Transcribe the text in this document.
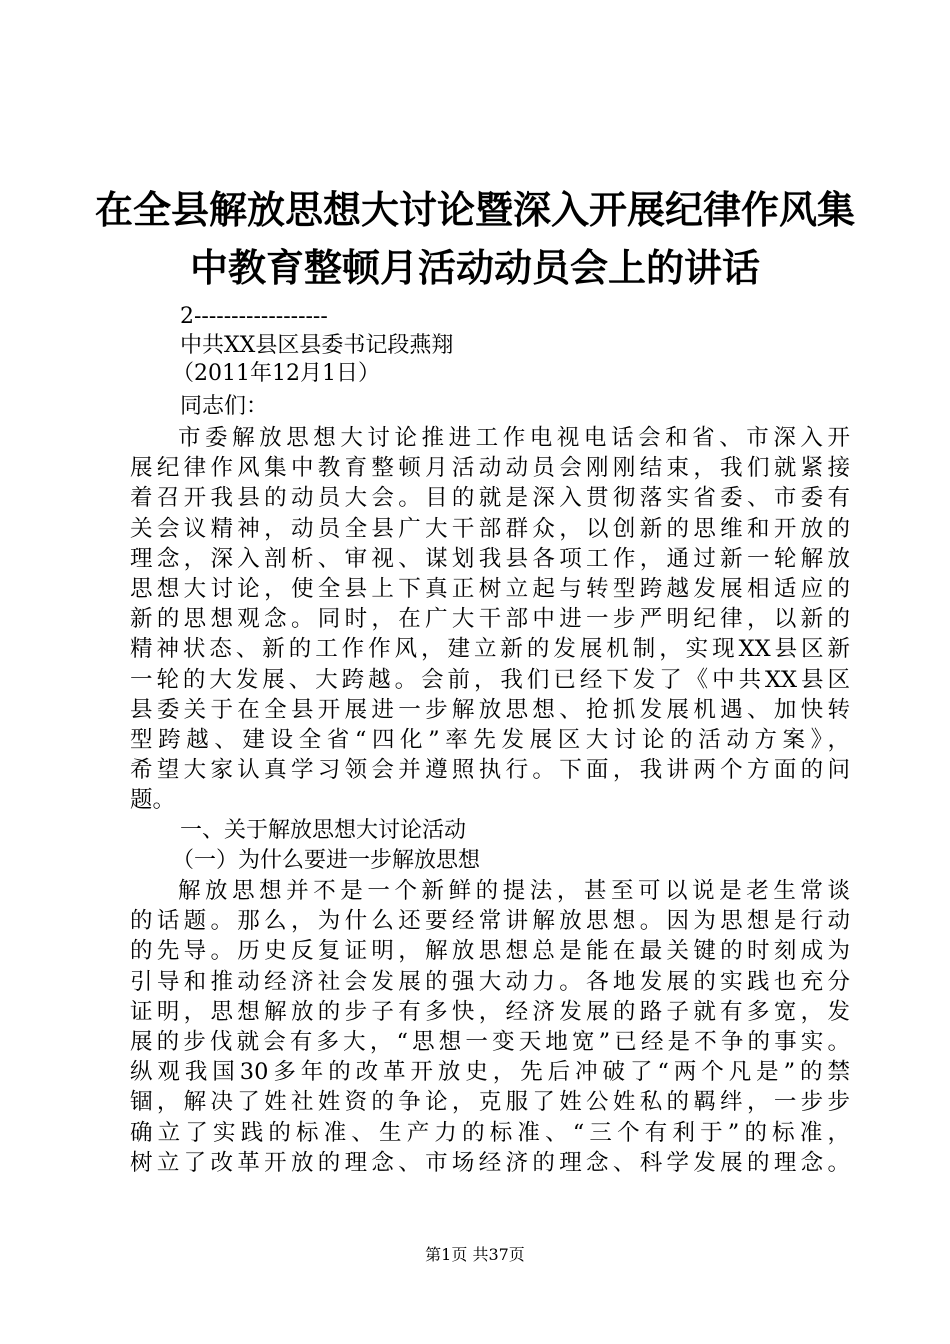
在全县解放思想大讨论暨深入开展纪律作风集
中教育整顿月活动动员会上的讲话
2------------------
中共XX县区县委书记段燕翔
（2011年12月1日）
同志们：
市委解放思想大讨论推进工作电视电话会和省、市深入开
展纪律作风集中教育整顿月活动动员会刚刚结束，我们就紧接
着召开我县的动员大会。目的就是深入贯彻落实省委、市委有
关会议精神，动员全县广大干部群众，以创新的思维和开放的
理念，深入剖析、审视、谋划我县各项工作，通过新一轮解放
思想大讨论，使全县上下真正树立起与转型跨越发展相适应的
新的思想观念。同时，在广大干部中进一步严明纪律，以新的
精神状态、新的工作作风，建立新的发展机制，实现XX县区新
一轮的大发展、大跨越。会前，我们已经下发了《中共XX县区
县委关于在全县开展进一步解放思想、抢抓发展机遇、加快转
型跨越、建设全省“四化”率先发展区大讨论的活动方案》，
希望大家认真学习领会并遵照执行。下面，我讲两个方面的问
题。
一、关于解放思想大讨论活动
（一）为什么要进一步解放思想
解放思想并不是一个新鲜的提法，甚至可以说是老生常谈
的话题。那么，为什么还要经常讲解放思想。因为思想是行动
的先导。历史反复证明，解放思想总是能在最关键的时刻成为
引导和推动经济社会发展的强大动力。各地发展的实践也充分
证明，思想解放的步子有多快，经济发展的路子就有多宽，发
展的步伐就会有多大，“思想一变天地宽”已经是不争的事实。
纵观我国30多年的改革开放史，先后冲破了“两个凡是”的禁
锢，解决了姓社姓资的争论，克服了姓公姓私的羁绊，一步步
确立了实践的标准、生产力的标准、“三个有利于”的标准，
树立了改革开放的理念、市场经济的理念、科学发展的理念。
第1页 共37页
